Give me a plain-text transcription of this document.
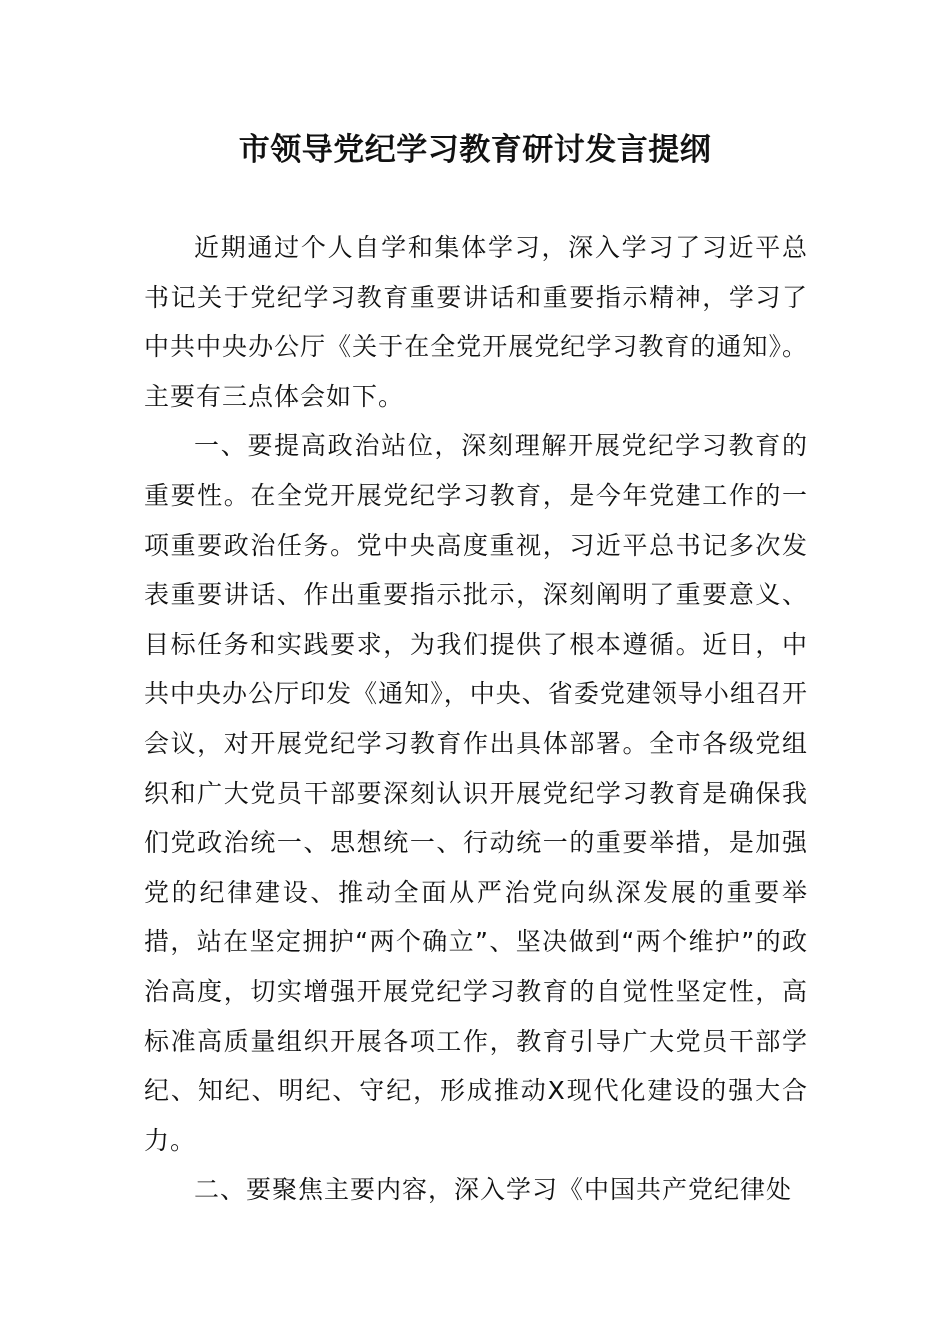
市领导党纪学习教育研讨发言提纲

近期通过个人自学和集体学习，深入学习了习近平总书记关于党纪学习教育重要讲话和重要指示精神，学习了中共中央办公厅《关于在全党开展党纪学习教育的通知》。主要有三点体会如下。

一、要提高政治站位，深刻理解开展党纪学习教育的重要性。在全党开展党纪学习教育，是今年党建工作的一项重要政治任务。党中央高度重视，习近平总书记多次发表重要讲话、作出重要指示批示，深刻阐明了重要意义、目标任务和实践要求，为我们提供了根本遵循。近日，中共中央办公厅印发《通知》，中央、省委党建领导小组召开会议，对开展党纪学习教育作出具体部署。全市各级党组织和广大党员干部要深刻认识开展党纪学习教育是确保我们党政治统一、思想统一、行动统一的重要举措，是加强党的纪律建设、推动全面从严治党向纵深发展的重要举措，站在坚定拥护“两个确立”、坚决做到“两个维护”的政治高度，切实增强开展党纪学习教育的自觉性坚定性，高标准高质量组织开展各项工作，教育引导广大党员干部学纪、知纪、明纪、守纪，形成推动X现代化建设的强大合力。

二、要聚焦主要内容，深入学习《中国共产党纪律处
